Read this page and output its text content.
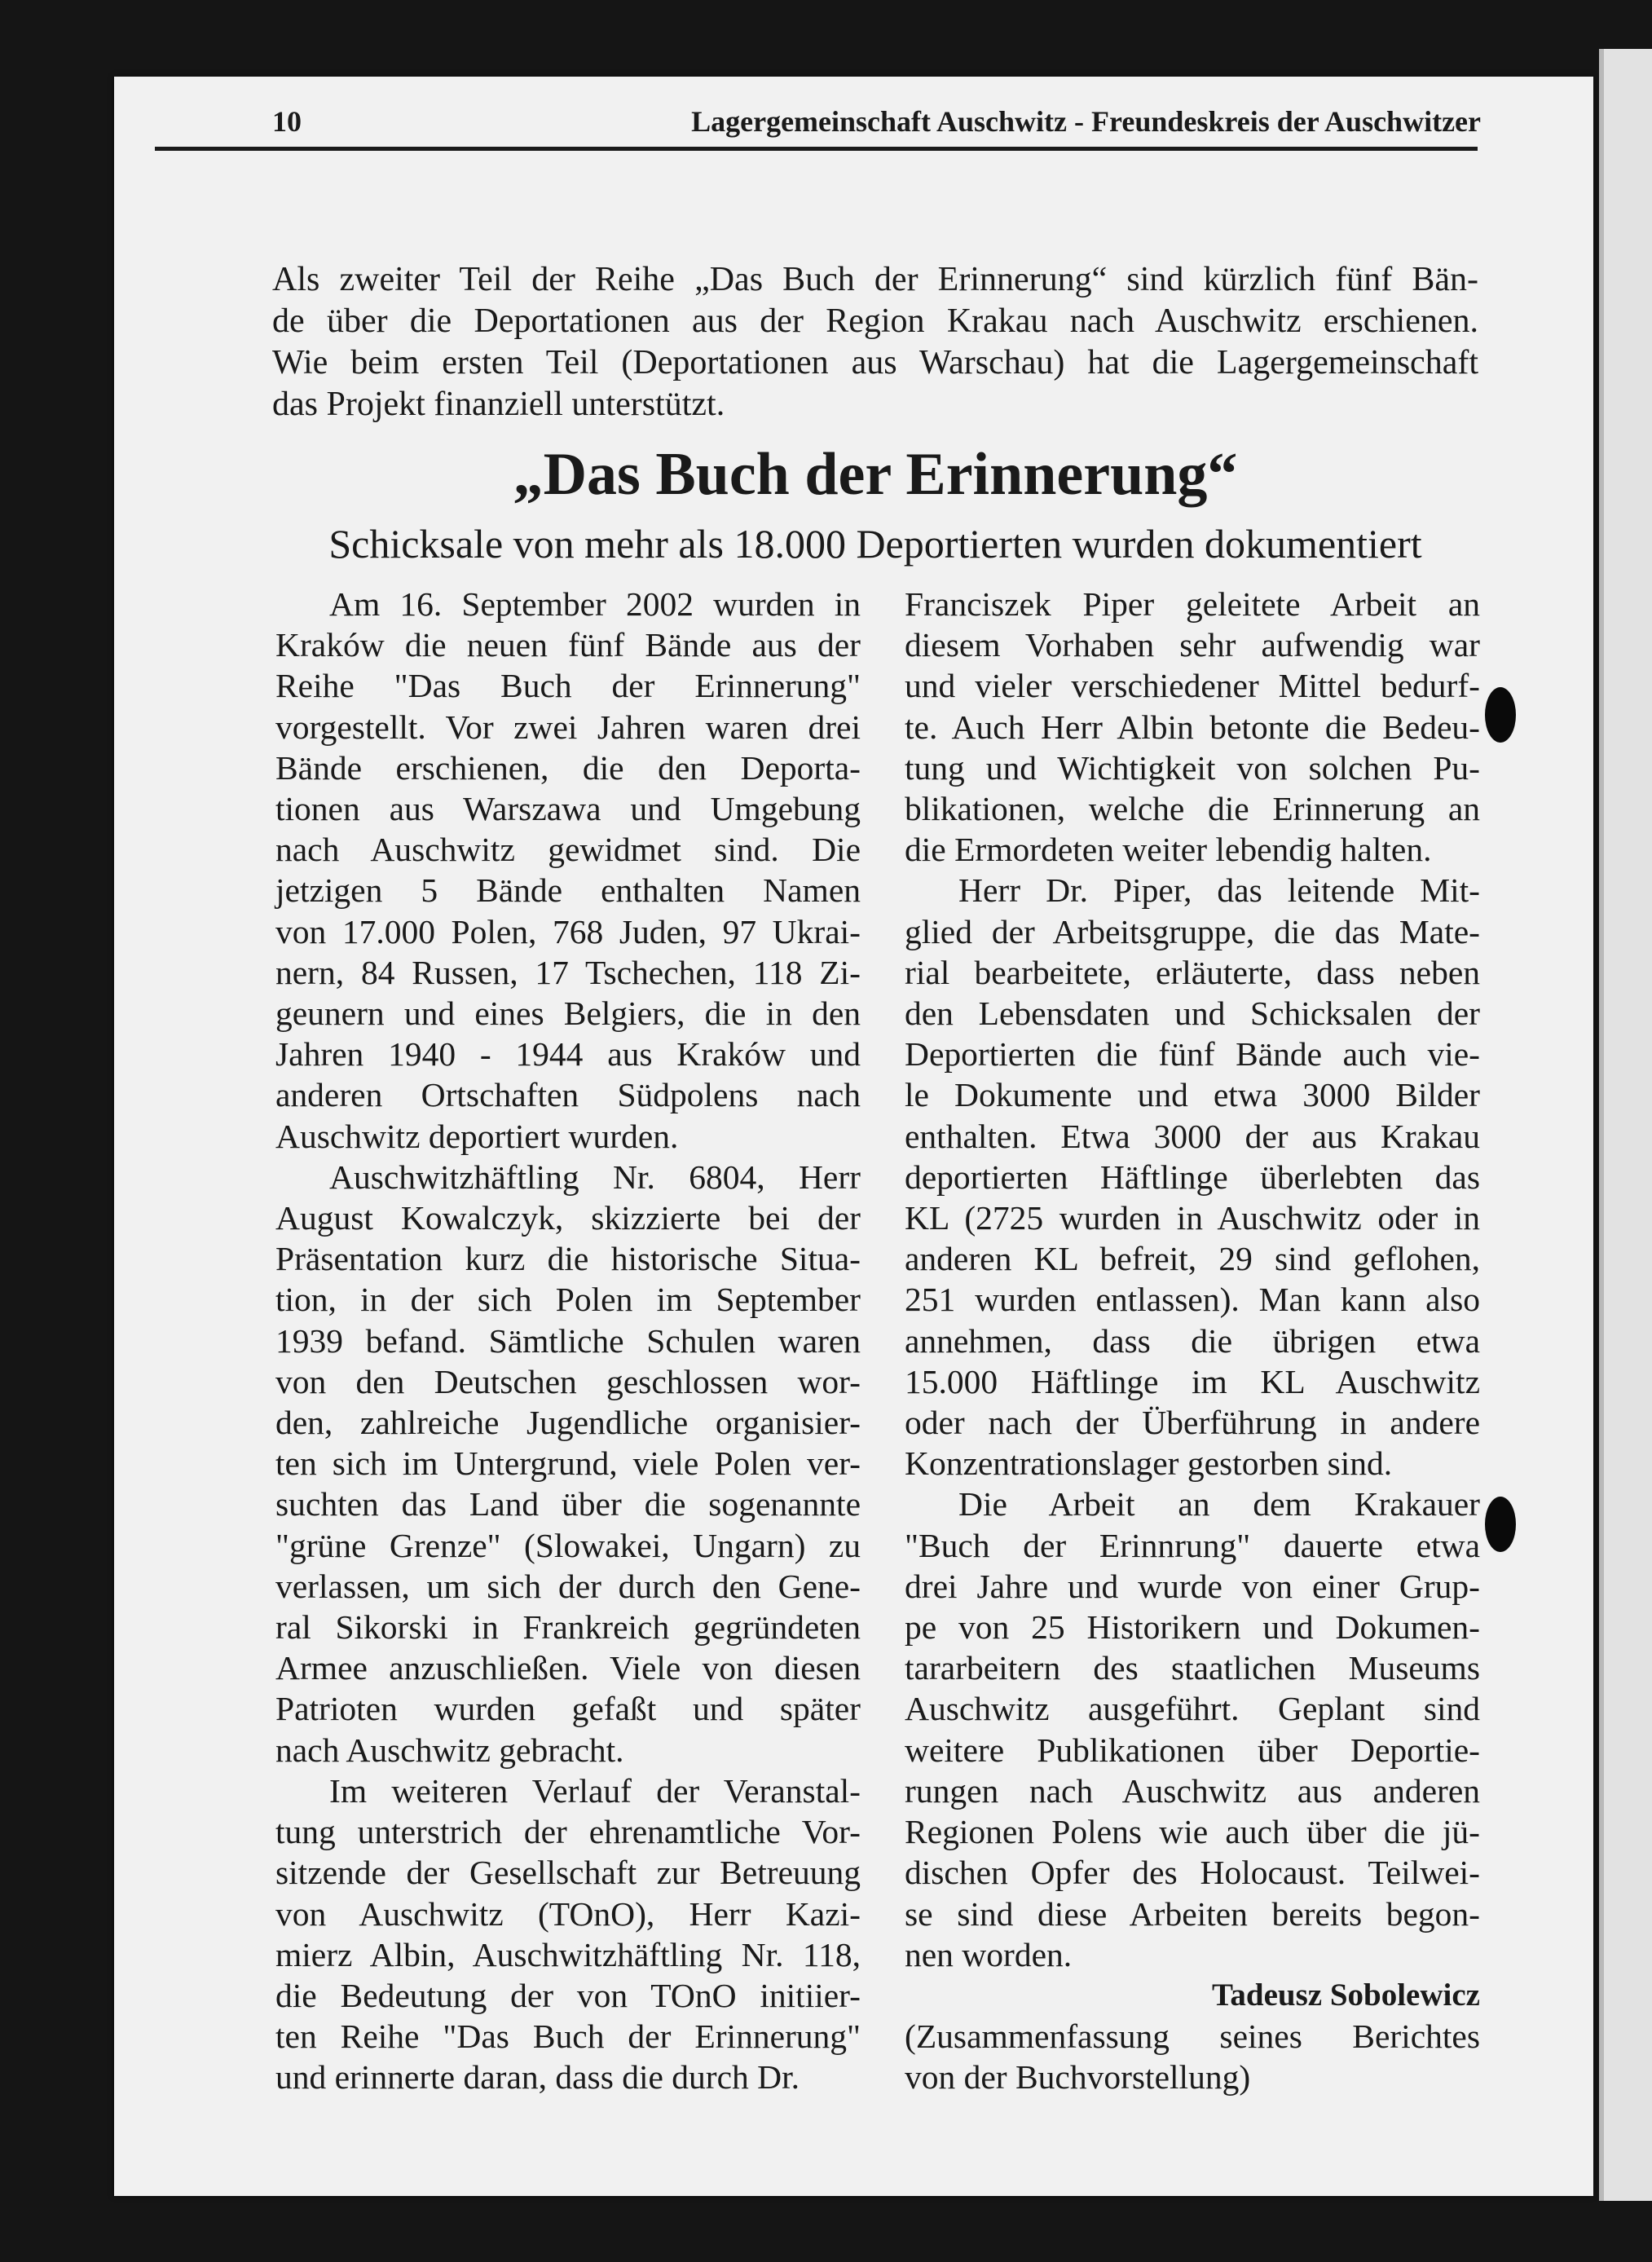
10	Lagergemeinschaft Auschwitz - Freundeskreis der Auschwitzer
Als zweiter Teil der Reihe „Das Buch der Erinnerung“ sind kürzlich fünf Bän-
de über die Deportationen aus der Region Krakau nach Auschwitz erschienen.
Wie beim ersten Teil (Deportationen aus Warschau) hat die Lagergemeinschaft
das Projekt finanziell unterstützt.
„Das Buch der Erinnerung“
Schicksale von mehr als 18.000 Deportierten wurden dokumentiert
Am 16. September 2002 wurden in
Kraków die neuen fünf Bände aus der
Reihe "Das Buch der Erinnerung"
vorgestellt. Vor zwei Jahren waren drei
Bände erschienen, die den Deporta-
tionen aus Warszawa und Umgebung
nach Auschwitz gewidmet sind. Die
jetzigen 5 Bände enthalten Namen
von 17.000 Polen, 768 Juden, 97 Ukrai-
nern, 84 Russen, 17 Tschechen, 118 Zi-
geunern und eines Belgiers, die in den
Jahren 1940 - 1944 aus Kraków und
anderen Ortschaften Südpolens nach
Auschwitz deportiert wurden.
Auschwitzhäftling Nr. 6804, Herr
August Kowalczyk, skizzierte bei der
Präsentation kurz die historische Situa-
tion, in der sich Polen im September
1939 befand. Sämtliche Schulen waren
von den Deutschen geschlossen wor-
den, zahlreiche Jugendliche organisier-
ten sich im Untergrund, viele Polen ver-
suchten das Land über die sogenannte
"grüne Grenze" (Slowakei, Ungarn) zu
verlassen, um sich der durch den Gene-
ral Sikorski in Frankreich gegründeten
Armee anzuschließen. Viele von diesen
Patrioten wurden gefaßt und später
nach Auschwitz gebracht.
Im weiteren Verlauf der Veranstal-
tung unterstrich der ehrenamtliche Vor-
sitzende der Gesellschaft zur Betreuung
von Auschwitz (TOnO), Herr Kazi-
mierz Albin, Auschwitzhäftling Nr. 118,
die Bedeutung der von TOnO initiier-
ten Reihe "Das Buch der Erinnerung"
und erinnerte daran, dass die durch Dr.
Franciszek Piper geleitete Arbeit an
diesem Vorhaben sehr aufwendig war
und vieler verschiedener Mittel bedurf-
te. Auch Herr Albin betonte die Bedeu-
tung und Wichtigkeit von solchen Pu-
blikationen, welche die Erinnerung an
die Ermordeten weiter lebendig halten.
Herr Dr. Piper, das leitende Mit-
glied der Arbeitsgruppe, die das Mate-
rial bearbeitete, erläuterte, dass neben
den Lebensdaten und Schicksalen der
Deportierten die fünf Bände auch vie-
le Dokumente und etwa 3000 Bilder
enthalten. Etwa 3000 der aus Krakau
deportierten Häftlinge überlebten das
KL (2725 wurden in Auschwitz oder in
anderen KL befreit, 29 sind geflohen,
251 wurden entlassen). Man kann also
annehmen, dass die übrigen etwa
15.000 Häftlinge im KL Auschwitz
oder nach der Überführung in andere
Konzentrationslager gestorben sind.
Die Arbeit an dem Krakauer
"Buch der Erinnrung" dauerte etwa
drei Jahre und wurde von einer Grup-
pe von 25 Historikern und Dokumen-
tararbeitern des staatlichen Museums
Auschwitz ausgeführt. Geplant sind
weitere Publikationen über Deportie-
rungen nach Auschwitz aus anderen
Regionen Polens wie auch über die jü-
dischen Opfer des Holocaust. Teilwei-
se sind diese Arbeiten bereits begon-
nen worden.
Tadeusz Sobolewicz
(Zusammenfassung seines Berichtes
von der Buchvorstellung)
